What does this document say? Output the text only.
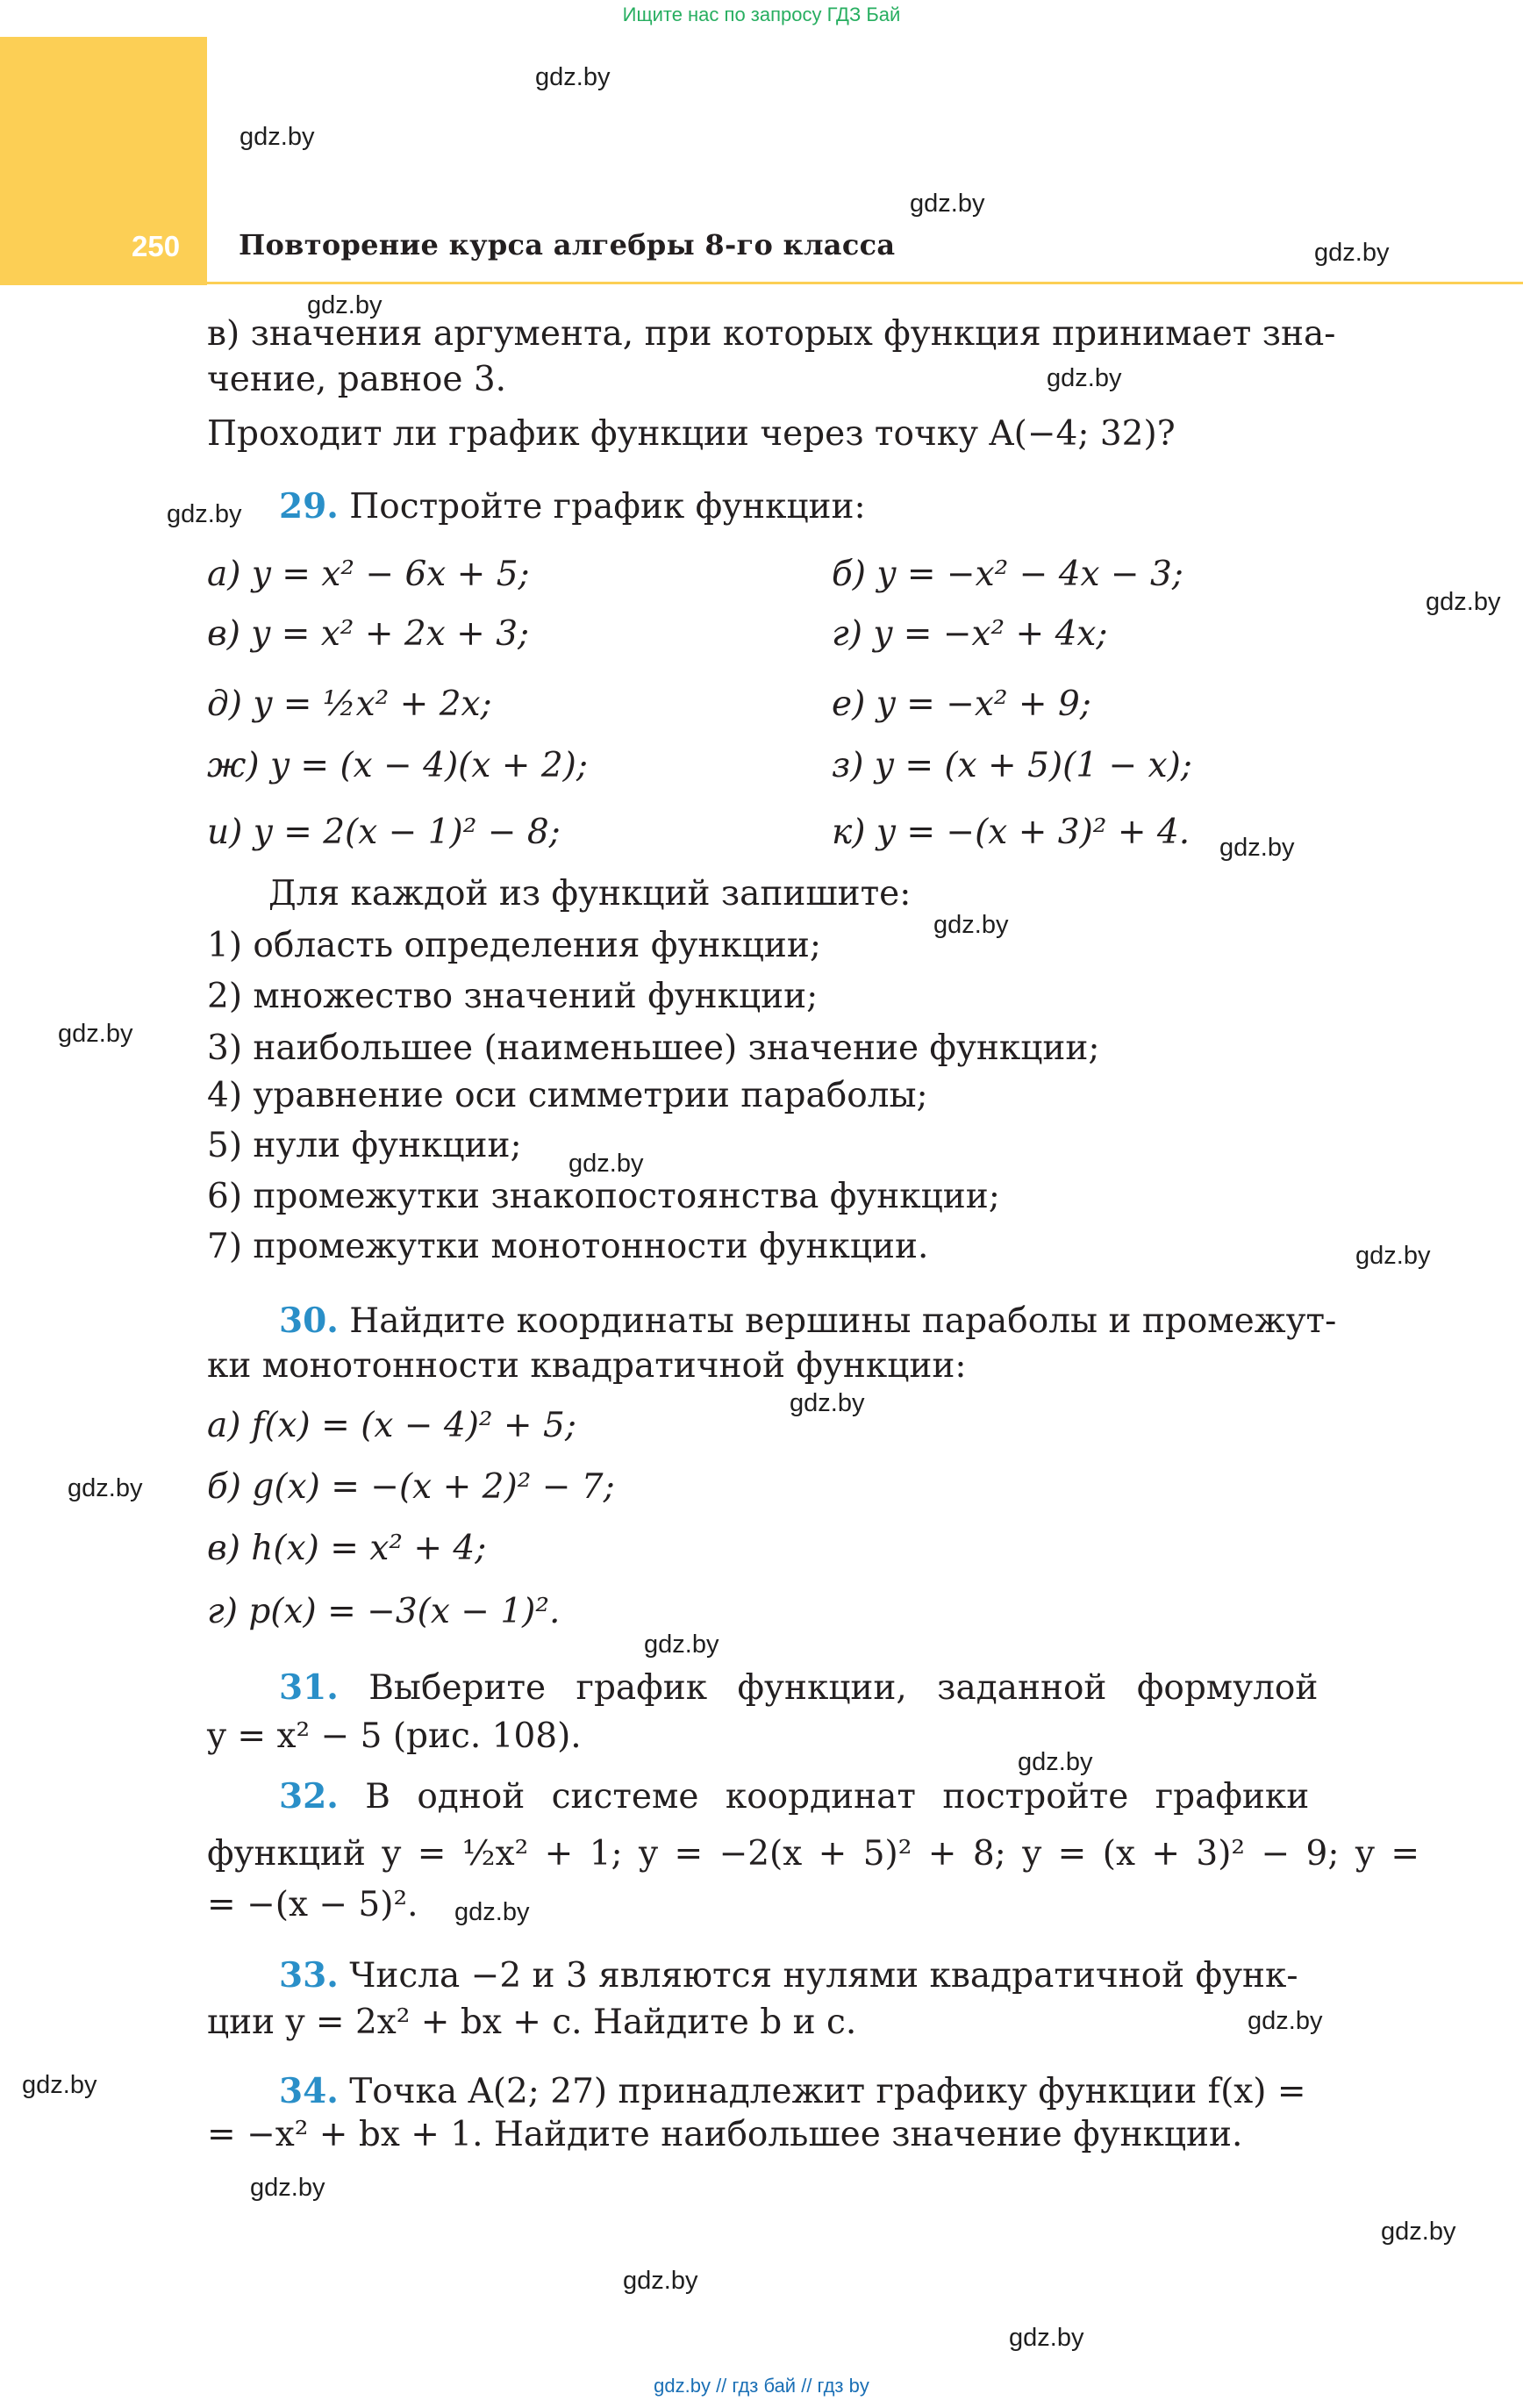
Ищите нас по запросу ГДЗ Бай
250 Повторение курса алгебры 8-го класса
gdz.by
gdz.by
gdz.by
gdz.by
gdz.by
gdz.by
gdz.by
gdz.by
gdz.by
gdz.by
gdz.by
gdz.by
gdz.by
gdz.by
gdz.by
gdz.by
gdz.by
gdz.by
gdz.by
gdz.by
gdz.by
gdz.by
gdz.by
gdz.by
в) значения аргумента, при которых функция принимает зна-
чение, равное 3.
Проходит ли график функции через точку A(−4; 32)?
29. Постройте график функции:
а) y = x² − 6x + 5;	б) y = −x² − 4x − 3;
в) y = x² + 2x + 3;	г) y = −x² + 4x;
д) y = ½x² + 2x;	е) y = −x² + 9;
ж) y = (x − 4)(x + 2);	з) y = (x + 5)(1 − x);
и) y = 2(x − 1)² − 8;	к) y = −(x + 3)² + 4.
Для каждой из функций запишите:
1) область определения функции;
2) множество значений функции;
3) наибольшее (наименьшее) значение функции;
4) уравнение оси симметрии параболы;
5) нули функции;
6) промежутки знакопостоянства функции;
7) промежутки монотонности функции.
30. Найдите координаты вершины параболы и промежут-
ки монотонности квадратичной функции:
а) f(x) = (x − 4)² + 5;
б) g(x) = −(x + 2)² − 7;
в) h(x) = x² + 4;
г) p(x) = −3(x − 1)².
31. Выберите график функции, заданной формулой
y = x² − 5 (рис. 108).
32. В одной системе координат постройте графики
функций y = ½x² + 1; y = −2(x + 5)² + 8; y = (x + 3)² − 9; y =
= −(x − 5)².
33. Числа −2 и 3 являются нулями квадратичной функ-
ции y = 2x² + bx + c. Найдите b и c.
34. Точка A(2; 27) принадлежит графику функции f(x) =
= −x² + bx + 1. Найдите наибольшее значение функции.
gdz.by // гдз бай // гдз by
